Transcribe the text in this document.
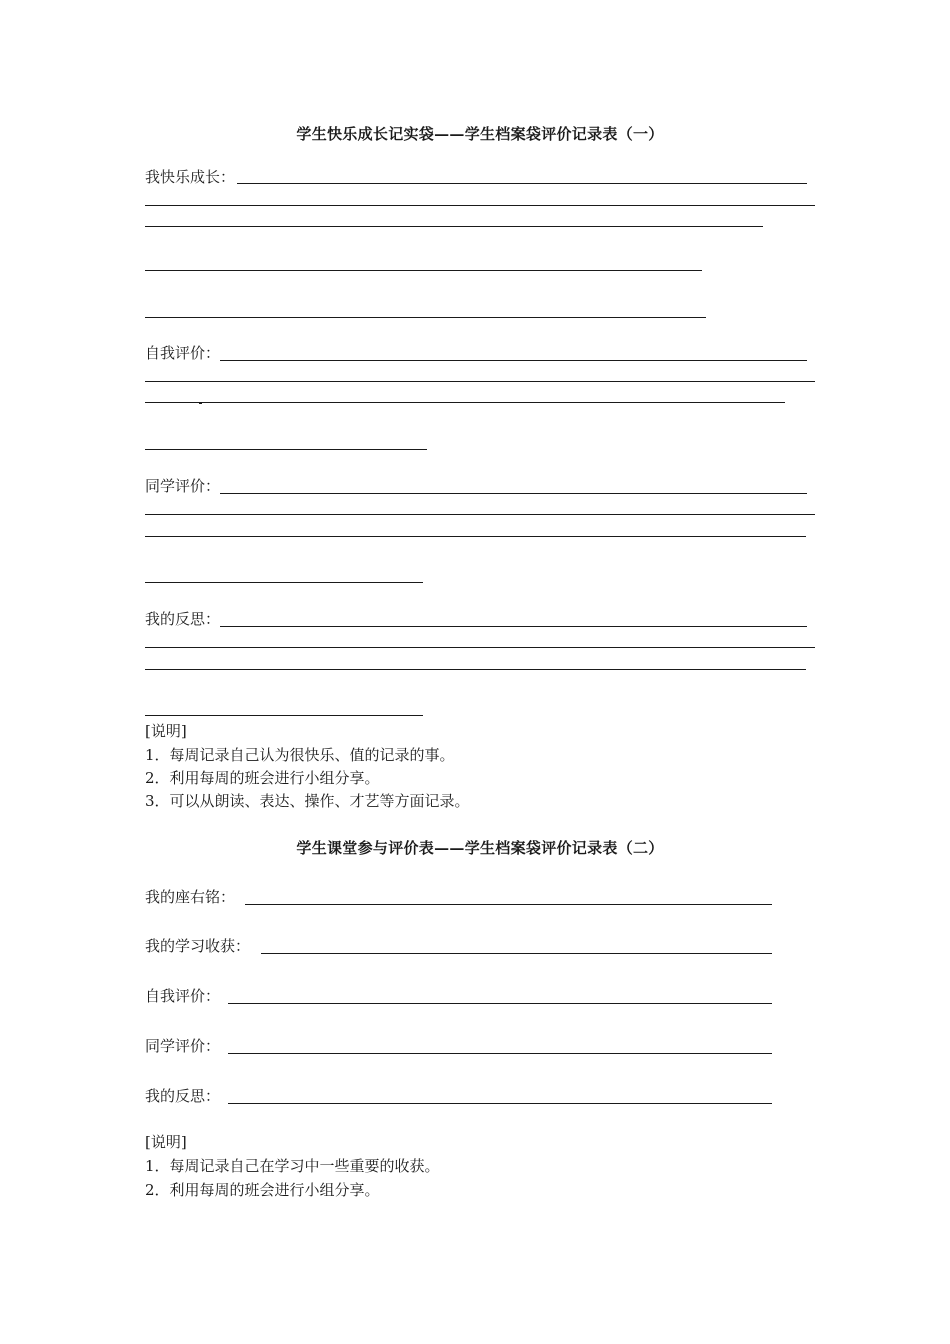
学生快乐成长记实袋——学生档案袋评价记录表（一）
我快乐成长：
自我评价：
同学评价：
我的反思：
[说明]
1．每周记录自己认为很快乐、值的记录的事。
2．利用每周的班会进行小组分享。
3．可以从朗读、表达、操作、才艺等方面记录。
学生课堂参与评价表——学生档案袋评价记录表（二）
我的座右铭：
我的学习收获：
自我评价：
同学评价：
我的反思：
[说明]
1．每周记录自己在学习中一些重要的收获。
2．利用每周的班会进行小组分享。
